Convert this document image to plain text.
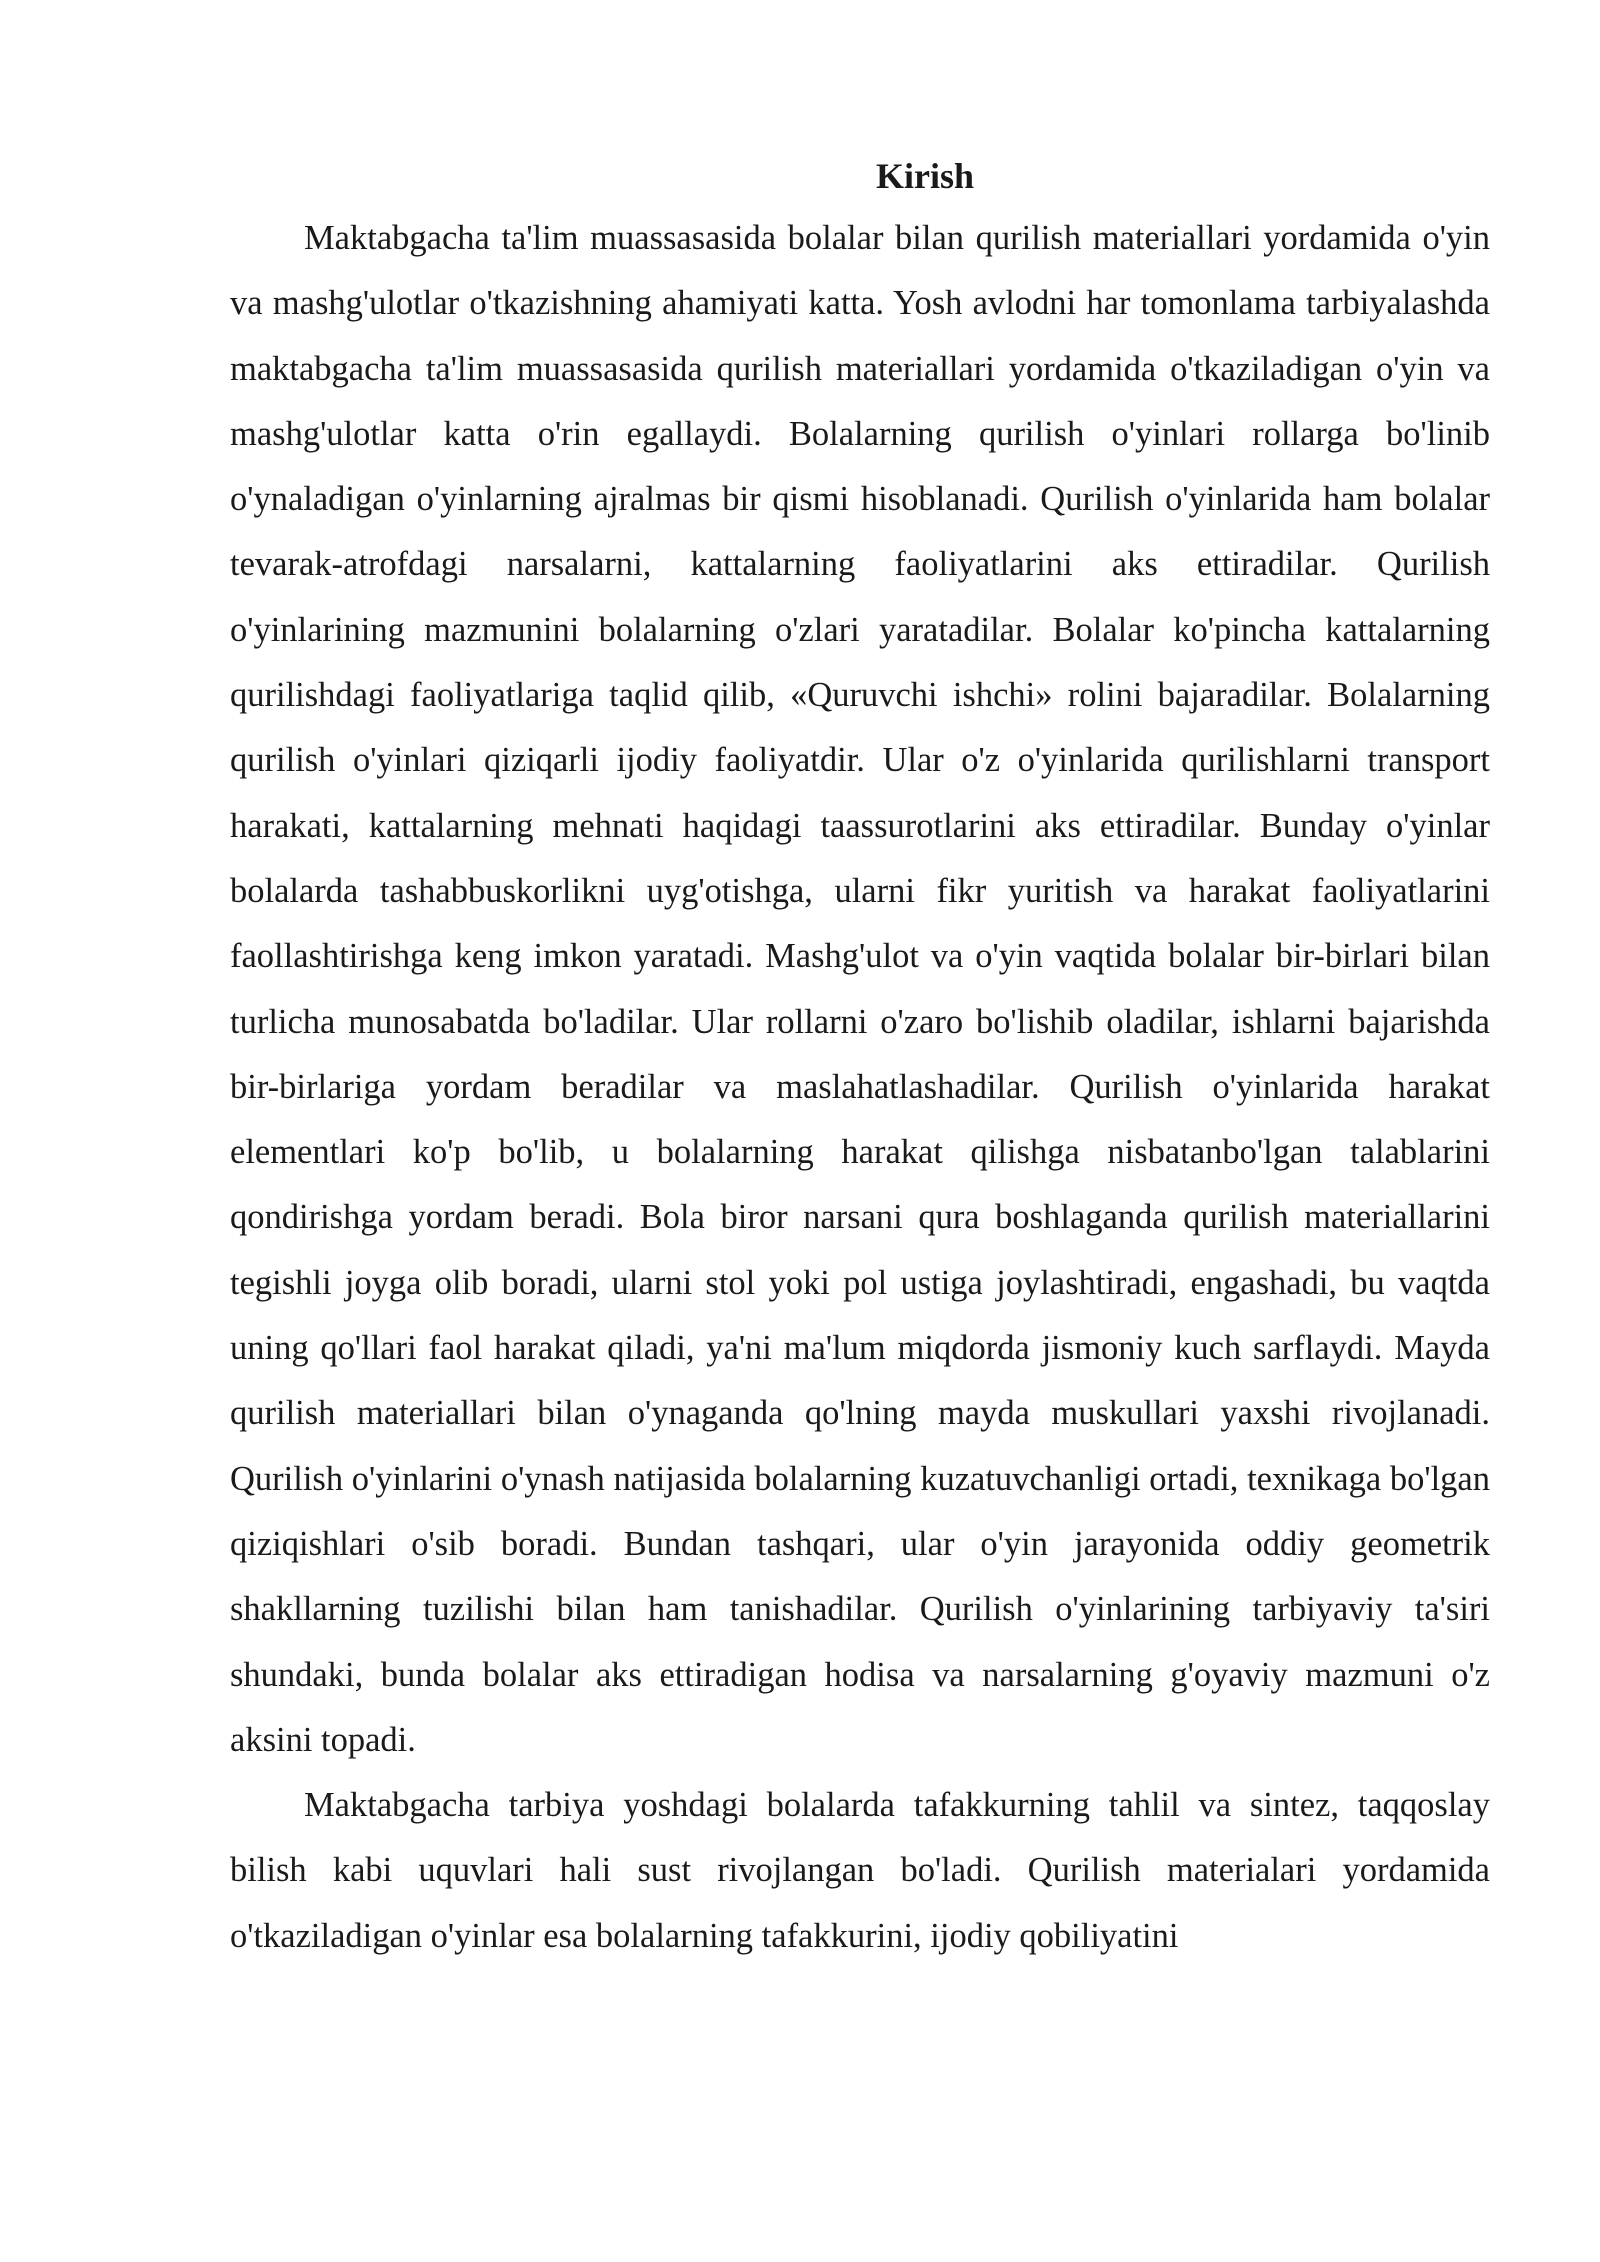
Kirish

Maktabgacha ta'lim muassasasida bolalar bilan qurilish materiallari yordamida o'yin va mashg'ulotlar o'tkazishning ahamiyati katta. Yosh avlodni har tomonlama tarbiyalashda maktabgacha ta'lim muassasasida qurilish materiallari yordamida o'tkaziladigan o'yin va mashg'ulotlar katta o'rin egallaydi. Bolalarning qurilish o'yinlari rollarga bo'linib o'ynaladigan o'yinlarning ajralmas bir qismi hisoblanadi. Qurilish o'yinlarida ham bolalar tevarak-atrofdagi narsalarni, kattalarning faoliyatlarini aks ettiradilar. Qurilish o'yinlarining mazmunini bolalarning o'zlari yaratadilar. Bolalar ko'pincha kattalarning qurilishdagi faoliyatlariga taqlid qilib, «Quruvchi ishchi» rolini bajaradilar. Bolalarning qurilish o'yinlari qiziqarli ijodiy faoliyatdir. Ular o'z o'yinlarida qurilishlarni transport harakati, kattalarning mehnati haqidagi taassurotlarini aks ettiradilar. Bunday o'yinlar bolalarda tashabbuskorlikni uyg'otishga, ularni fikr yuritish va harakat faoliyatlarini faollashtirishga keng imkon yaratadi. Mashg'ulot va o'yin vaqtida bolalar bir-birlari bilan turlicha munosabatda bo'ladilar. Ular rollarni o'zaro bo'lishib oladilar, ishlarni bajarishda bir-birlariga yordam beradilar va maslahatlashadilar. Qurilish o'yinlarida harakat elementlari ko'p bo'lib, u bolalarning harakat qilishga nisbatanbo'lgan talablarini qondirishga yordam beradi. Bola biror narsani qura boshlaganda qurilish materiallarini tegishli joyga olib boradi, ularni stol yoki pol ustiga joylashtiradi, engashadi, bu vaqtda uning qo'llari faol harakat qiladi, ya'ni ma'lum miqdorda jismoniy kuch sarflaydi. Mayda qurilish materiallari bilan o'ynaganda qo'lning mayda muskullari yaxshi rivojlanadi. Qurilish o'yinlarini o'ynash natijasida bolalarning kuzatuvchanligi ortadi, texnikaga bo'lgan qiziqishlari o'sib boradi. Bundan tashqari, ular o'yin jarayonida oddiy geometrik shakllarning tuzilishi bilan ham tanishadilar. Qurilish o'yinlarining tarbiyaviy ta'siri shundaki, bunda bolalar aks ettiradigan hodisa va narsalarning g'oyaviy mazmuni o'z aksini topadi.

Maktabgacha tarbiya yoshdagi bolalarda tafakkurning tahlil va sintez, taqqoslay bilish kabi uquvlari hali sust rivojlangan bo'ladi. Qurilish materialari yordamida o'tkaziladigan o'yinlar esa bolalarning tafakkurini, ijodiy qobiliyatini
